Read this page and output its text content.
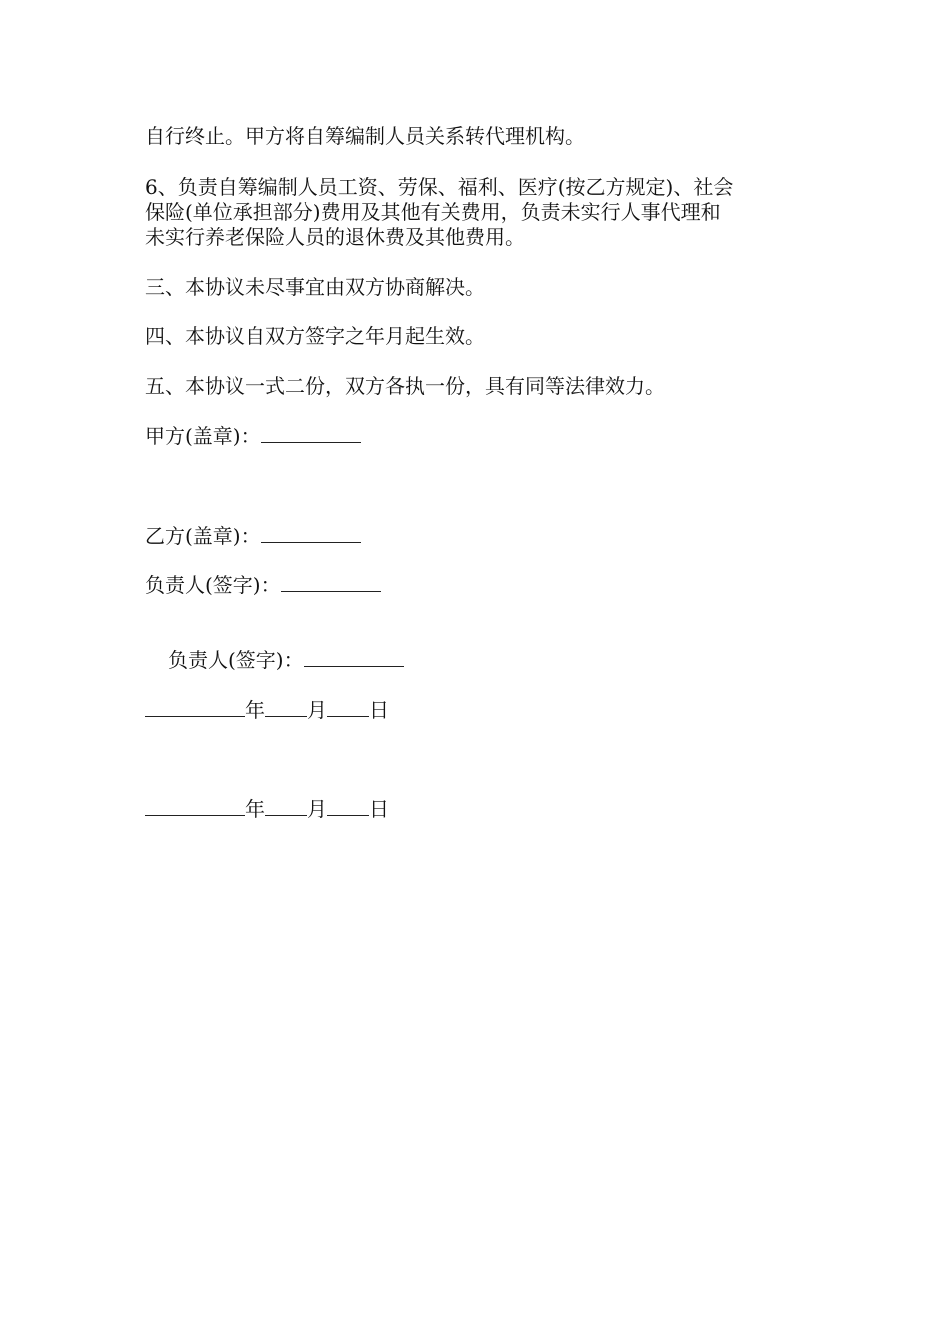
自行终止。甲方将自筹编制人员关系转代理机构。
6、负责自筹编制人员工资、劳保、福利、医疗(按乙方规定)、社会
保险(单位承担部分)费用及其他有关费用，负责未实行人事代理和
未实行养老保险人员的退休费及其他费用。
三、本协议未尽事宜由双方协商解决。
四、本协议自双方签字之年月起生效。
五、本协议一式二份，双方各执一份，具有同等法律效力。
甲方(盖章)：
乙方(盖章)：
负责人(签字)：
负责人(签字)：
年 月 日
年 月 日
